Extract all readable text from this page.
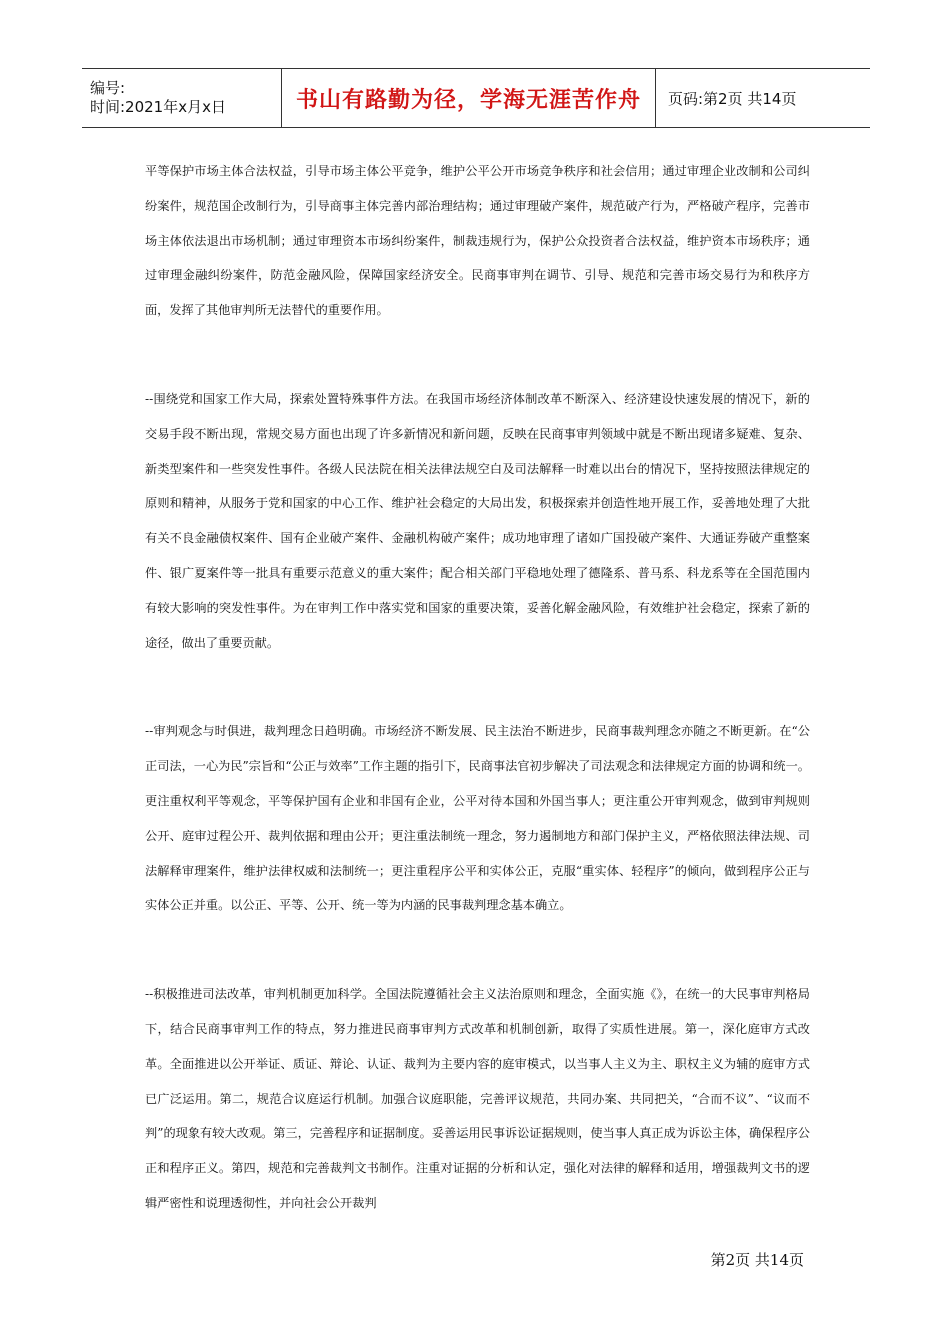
编号:
时间:2021年x月x日	书山有路勤为径，学海无涯苦作舟	页码:第2页 共14页

平等保护市场主体合法权益，引导市场主体公平竞争，维护公平公开市场竞争秩序和社会信用；通过审理企业改制和公司纠纷案件，规范国企改制行为，引导商事主体完善内部治理结构；通过审理破产案件，规范破产行为，严格破产程序，完善市场主体依法退出市场机制；通过审理资本市场纠纷案件，制裁违规行为，保护公众投资者合法权益，维护资本市场秩序；通过审理金融纠纷案件，防范金融风险，保障国家经济安全。民商事审判在调节、引导、规范和完善市场交易行为和秩序方面，发挥了其他审判所无法替代的重要作用。

--围绕党和国家工作大局，探索处置特殊事件方法。在我国市场经济体制改革不断深入、经济建设快速发展的情况下，新的交易手段不断出现，常规交易方面也出现了许多新情况和新问题，反映在民商事审判领域中就是不断出现诸多疑难、复杂、新类型案件和一些突发性事件。各级人民法院在相关法律法规空白及司法解释一时难以出台的情况下，坚持按照法律规定的原则和精神，从服务于党和国家的中心工作、维护社会稳定的大局出发，积极探索并创造性地开展工作，妥善地处理了大批有关不良金融债权案件、国有企业破产案件、金融机构破产案件；成功地审理了诸如广国投破产案件、大通证券破产重整案件、银广夏案件等一批具有重要示范意义的重大案件；配合相关部门平稳地处理了德隆系、普马系、科龙系等在全国范围内有较大影响的突发性事件。为在审判工作中落实党和国家的重要决策，妥善化解金融风险，有效维护社会稳定，探索了新的途径，做出了重要贡献。

--审判观念与时俱进，裁判理念日趋明确。市场经济不断发展、民主法治不断进步，民商事裁判理念亦随之不断更新。在“公正司法，一心为民”宗旨和“公正与效率”工作主题的指引下，民商事法官初步解决了司法观念和法律规定方面的协调和统一。更注重权利平等观念，平等保护国有企业和非国有企业，公平对待本国和外国当事人；更注重公开审判观念，做到审判规则公开、庭审过程公开、裁判依据和理由公开；更注重法制统一理念，努力遏制地方和部门保护主义，严格依照法律法规、司法解释审理案件，维护法律权威和法制统一；更注重程序公平和实体公正，克服“重实体、轻程序”的倾向，做到程序公正与实体公正并重。以公正、平等、公开、统一等为内涵的民事裁判理念基本确立。

--积极推进司法改革，审判机制更加科学。全国法院遵循社会主义法治原则和理念，全面实施《》，在统一的大民事审判格局下，结合民商事审判工作的特点，努力推进民商事审判方式改革和机制创新，取得了实质性进展。第一，深化庭审方式改革。全面推进以公开举证、质证、辩论、认证、裁判为主要内容的庭审模式，以当事人主义为主、职权主义为辅的庭审方式已广泛运用。第二，规范合议庭运行机制。加强合议庭职能，完善评议规范，共同办案、共同把关，“合而不议”、“议而不判”的现象有较大改观。第三，完善程序和证据制度。妥善运用民事诉讼证据规则，使当事人真正成为诉讼主体，确保程序公正和程序正义。第四，规范和完善裁判文书制作。注重对证据的分析和认定，强化对法律的解释和适用，增强裁判文书的逻辑严密性和说理透彻性，并向社会公开裁判

第2页 共14页
